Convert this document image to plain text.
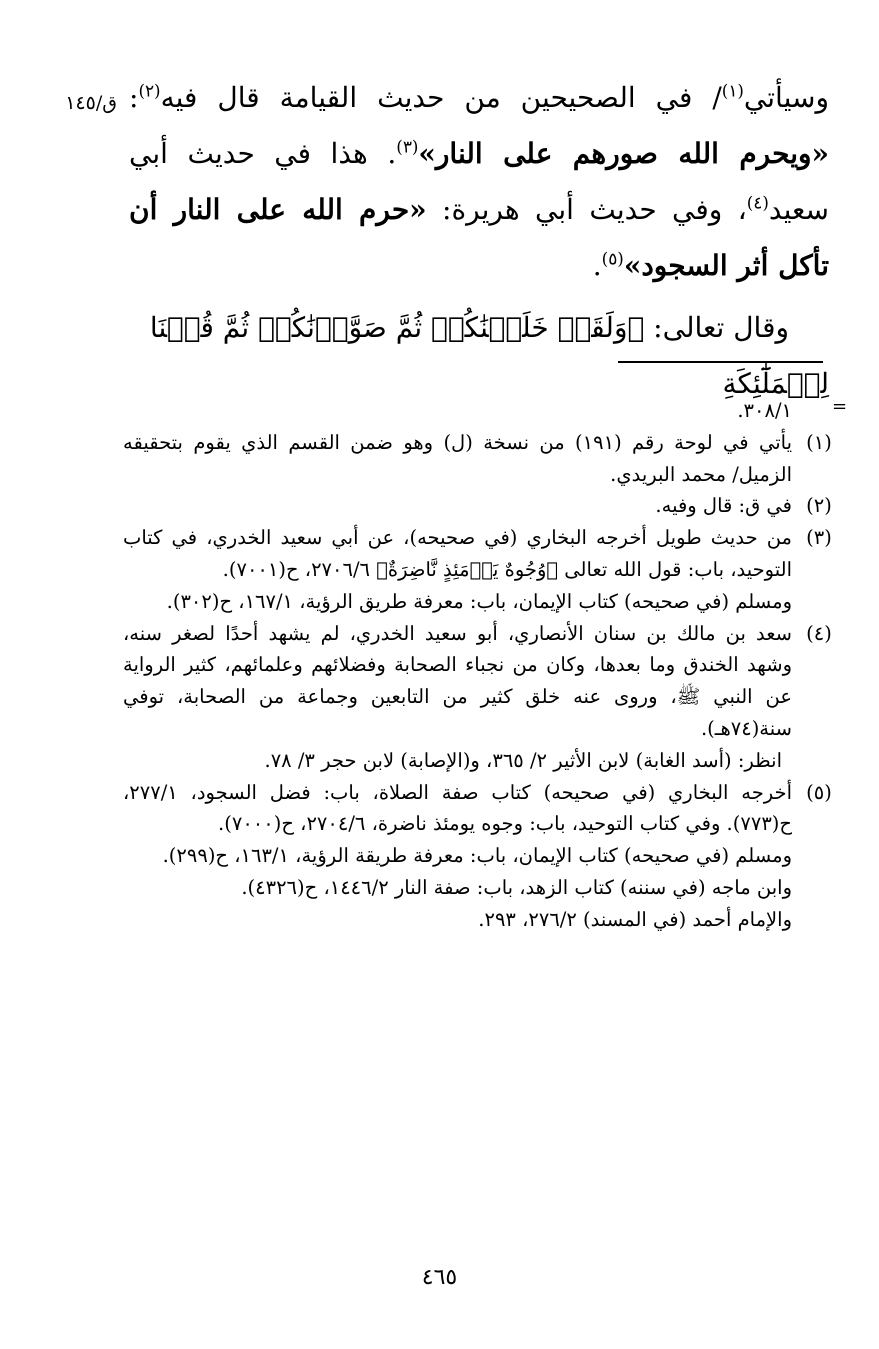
ق/١٤٥	وسيأتي$^{(١)}$/ في الصحيحين من حديث القيامة قال فيه$^{(٢)}$: «ويحرم الله صورهم على النار»$^{(٣)}$. هذا في حديث أبي سعيد$^{(٤)}$، وفي حديث أبي هريرة: «حرم الله على النار أن تأكل أثر السجود»$^{(٥)}$.

وقال تعالى: ﴿وَلَقَدۡ خَلَقۡنَٰكُمۡ ثُمَّ صَوَّرۡنَٰكُمۡ ثُمَّ قُلۡنَا لِلۡمَلَٰٓئِكَةِ

=

٣٠٨/١.

(١)

يأتي في لوحة رقم (١٩١) من نسخة (ل) وهو ضمن القسم الذي يقوم بتحقيقه الزميل/ محمد البريدي.

(٢)

في ق: قال وفيه.

(٣)

من حديث طويل أخرجه البخاري (في صحيحه)، عن أبي سعيد الخدري، في كتاب التوحيد، باب: قول الله تعالى ﴿وُجُوهٌ يَوۡمَئِذٍ نَّاضِرَةٌ﴾ ٢٧٠٦/٦، ح(٧٠٠١).

ومسلم (في صحيحه) كتاب الإيمان، باب: معرفة طريق الرؤية، ١٦٧/١، ح(٣٠٢).

(٤)

سعد بن مالك بن سنان الأنصاري، أبو سعيد الخدري، لم يشهد أحدًا لصغر سنه، وشهد الخندق وما بعدها، وكان من نجباء الصحابة وفضلائهم وعلمائهم، كثير الرواية عن النبي ﷺ، وروى عنه خلق كثير من التابعين وجماعة من الصحابة، توفي سنة(٧٤هـ).

انظر: (أسد الغابة) لابن الأثير ٢/ ٣٦٥، و(الإصابة) لابن حجر ٣/ ٧٨.

(٥)

أخرجه البخاري (في صحيحه) كتاب صفة الصلاة، باب: فضل السجود، ٢٧٧/١، ح(٧٧٣). وفي كتاب التوحيد، باب: وجوه يومئذ ناضرة، ٢٧٠٤/٦، ح(٧٠٠٠).

ومسلم (في صحيحه) كتاب الإيمان، باب: معرفة طريقة الرؤية، ١٦٣/١، ح(٢٩٩).

وابن ماجه (في سننه) كتاب الزهد، باب: صفة النار ١٤٤٦/٢، ح(٤٣٢٦).

والإمام أحمد (في المسند) ٢٧٦/٢، ٢٩٣.

٤٦٥
